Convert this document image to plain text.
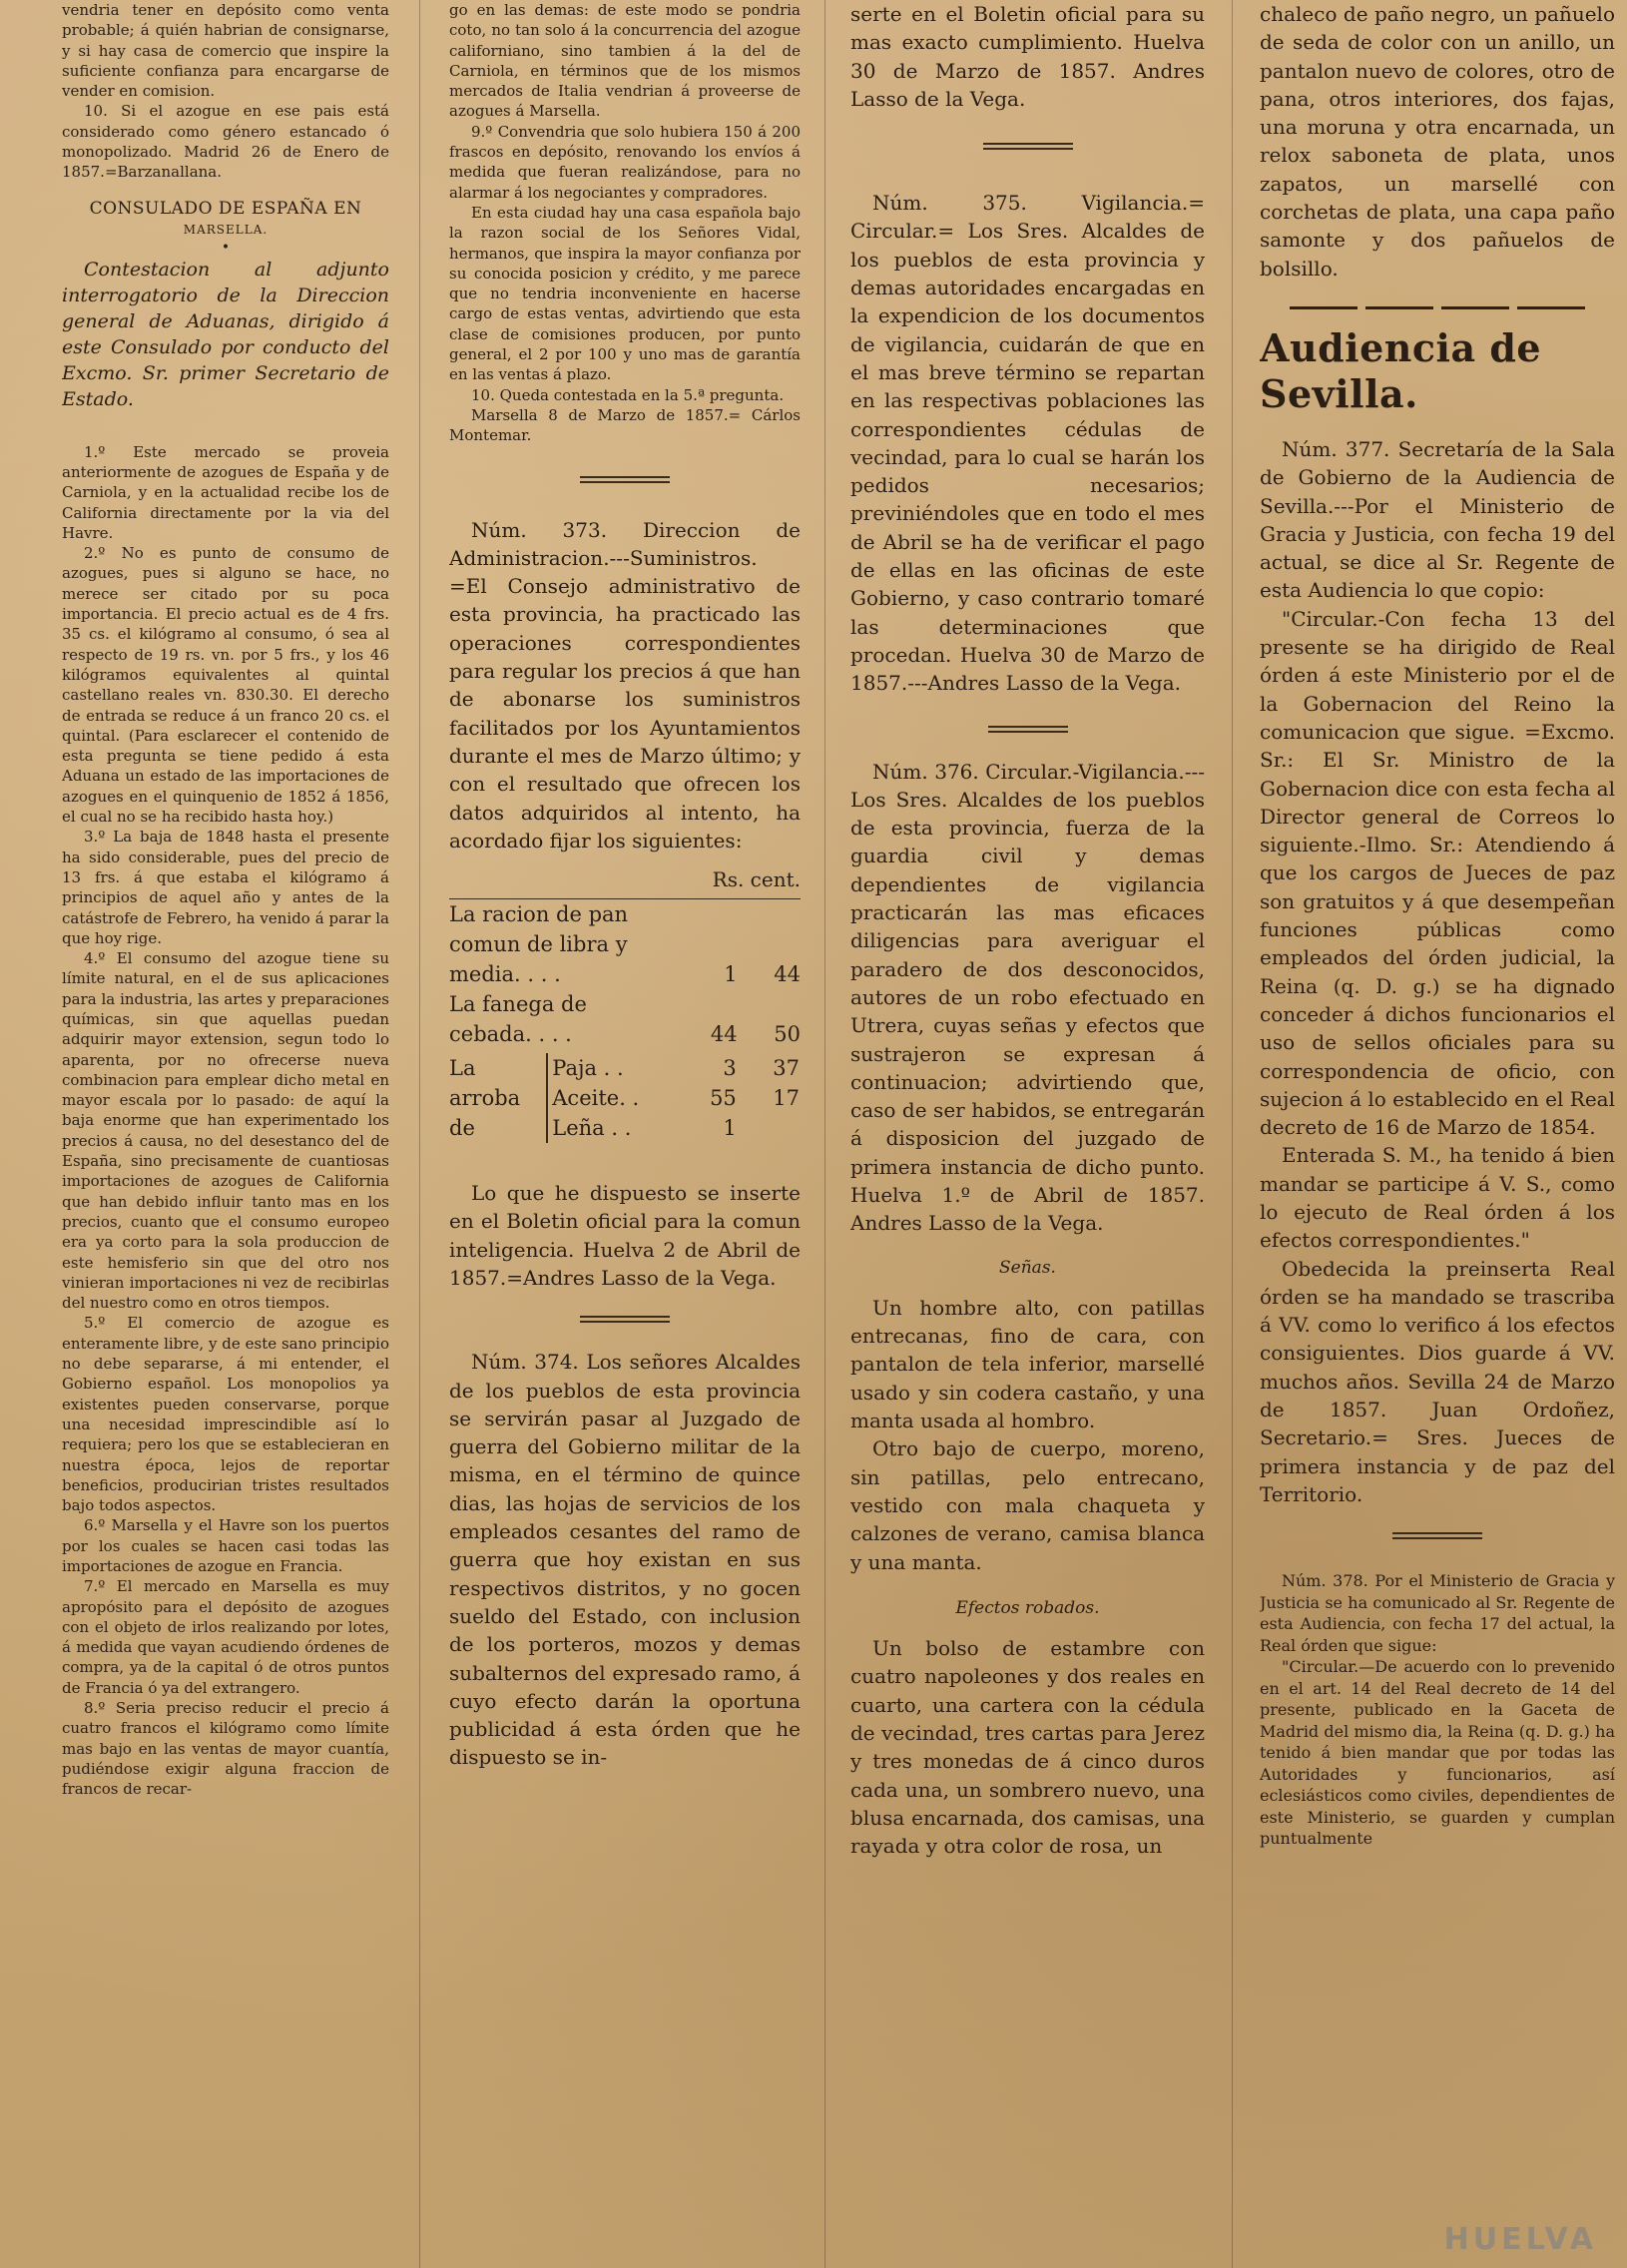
vendria tener en depósito como venta probable; á quién habrian de consignarse, y si hay casa de comercio que inspire la suficiente confianza para encargarse de vender en comision.

10. Si el azogue en ese pais está considerado como género estancado ó monopolizado. Madrid 26 de Enero de 1857.=Barzanallana.

CONSULADO DE ESPAÑA EN

MARSELLA.

•

Contestacion al adjunto interrogatorio de la Direccion general de Aduanas, dirigido á este Consulado por conducto del Excmo. Sr. primer Secretario de Estado.

1.º Este mercado se proveia anteriormente de azogues de España y de Carniola, y en la actualidad recibe los de California directamente por la via del Havre.

2.º No es punto de consumo de azogues, pues si alguno se hace, no merece ser citado por su poca importancia. El precio actual es de 4 frs. 35 cs. el kilógramo al consumo, ó sea al respecto de 19 rs. vn. por 5 frs., y los 46 kilógramos equivalentes al quintal castellano reales vn. 830.30. El derecho de entrada se reduce á un franco 20 cs. el quintal. (Para esclarecer el contenido de esta pregunta se tiene pedido á esta Aduana un estado de las importaciones de azogues en el quinquenio de 1852 á 1856, el cual no se ha recibido hasta hoy.)

3.º La baja de 1848 hasta el presente ha sido considerable, pues del precio de 13 frs. á que estaba el kilógramo á principios de aquel año y antes de la catástrofe de Febrero, ha venido á parar la que hoy rige.

4.º El consumo del azogue tiene su límite natural, en el de sus aplicaciones para la industria, las artes y preparaciones químicas, sin que aquellas puedan adquirir mayor extension, segun todo lo aparenta, por no ofrecerse nueva combinacion para emplear dicho metal en mayor escala por lo pasado: de aquí la baja enorme que han experimentado los precios á causa, no del desestanco del de España, sino precisamente de cuantiosas importaciones de azogues de California que han debido influir tanto mas en los precios, cuanto que el consumo europeo era ya corto para la sola produccion de este hemisferio sin que del otro nos vinieran importaciones ni vez de recibirlas del nuestro como en otros tiempos.

5.º El comercio de azogue es enteramente libre, y de este sano principio no debe separarse, á mi entender, el Gobierno español. Los monopolios ya existentes pueden conservarse, porque una necesidad imprescindible así lo requiera; pero los que se establecieran en nuestra época, lejos de reportar beneficios, producirian tristes resultados bajo todos aspectos.

6.º Marsella y el Havre son los puertos por los cuales se hacen casi todas las importaciones de azogue en Francia.

7.º El mercado en Marsella es muy apropósito para el depósito de azogues con el objeto de irlos realizando por lotes, á medida que vayan acudiendo órdenes de compra, ya de la capital ó de otros puntos de Francia ó ya del extrangero.

8.º Seria preciso reducir el precio á cuatro francos el kilógramo como límite mas bajo en las ventas de mayor cuantía, pudiéndose exigir alguna fraccion de francos de recar-

go en las demas: de este modo se pondria coto, no tan solo á la concurrencia del azogue californiano, sino tambien á la del de Carniola, en términos que de los mismos mercados de Italia vendrian á proveerse de azogues á Marsella.

9.º Convendria que solo hubiera 150 á 200 frascos en depósito, renovando los envíos á medida que fueran realizándose, para no alarmar á los negociantes y compradores.

En esta ciudad hay una casa española bajo la razon social de los Señores Vidal, hermanos, que inspira la mayor confianza por su conocida posicion y crédito, y me parece que no tendria inconveniente en hacerse cargo de estas ventas, advirtiendo que esta clase de comisiones producen, por punto general, el 2 por 100 y uno mas de garantía en las ventas á plazo.

10. Queda contestada en la 5.ª pregunta.

Marsella 8 de Marzo de 1857.= Cárlos Montemar.

Núm. 373. Direccion de Administracion.---Suministros. =El Consejo administrativo de esta provincia, ha practicado las operaciones correspondientes para regular los precios á que han de abonarse los suministros facilitados por los Ayuntamientos durante el mes de Marzo último; y con el resultado que ofrecen los datos adquiridos al intento, ha acordado fijar los siguientes:

Rs. cent.

La racion de pan comun de libra y media. . . .	1	44
La fanega de cebada. . . .	44	50
La arroba de	Paja . .	3	37
	Aceite. .	55	17
	Leña . .	1	

Lo que he dispuesto se inserte en el Boletin oficial para la comun inteligencia. Huelva 2 de Abril de 1857.=Andres Lasso de la Vega.

Núm. 374. Los señores Alcaldes de los pueblos de esta provincia se servirán pasar al Juzgado de guerra del Gobierno militar de la misma, en el término de quince dias, las hojas de servicios de los empleados cesantes del ramo de guerra que hoy existan en sus respectivos distritos, y no gocen sueldo del Estado, con inclusion de los porteros, mozos y demas subalternos del expresado ramo, á cuyo efecto darán la oportuna publicidad á esta órden que he dispuesto se in-

serte en el Boletin oficial para su mas exacto cumplimiento. Huelva 30 de Marzo de 1857. Andres Lasso de la Vega.

Núm. 375. Vigilancia.= Circular.= Los Sres. Alcaldes de los pueblos de esta provincia y demas autoridades encargadas en la expendicion de los documentos de vigilancia, cuidarán de que en el mas breve término se repartan en las respectivas poblaciones las correspondientes cédulas de vecindad, para lo cual se harán los pedidos necesarios; previniéndoles que en todo el mes de Abril se ha de verificar el pago de ellas en las oficinas de este Gobierno, y caso contrario tomaré las determinaciones que procedan. Huelva 30 de Marzo de 1857.---Andres Lasso de la Vega.

Núm. 376. Circular.-Vigilancia.---Los Sres. Alcaldes de los pueblos de esta provincia, fuerza de la guardia civil y demas dependientes de vigilancia practicarán las mas eficaces diligencias para averiguar el paradero de dos desconocidos, autores de un robo efectuado en Utrera, cuyas señas y efectos que sustrajeron se expresan á continuacion; advirtiendo que, caso de ser habidos, se entregarán á disposicion del juzgado de primera instancia de dicho punto. Huelva 1.º de Abril de 1857. Andres Lasso de la Vega.

Señas.

Un hombre alto, con patillas entrecanas, fino de cara, con pantalon de tela inferior, marsellé usado y sin codera castaño, y una manta usada al hombro.

Otro bajo de cuerpo, moreno, sin patillas, pelo entrecano, vestido con mala chaqueta y calzones de verano, camisa blanca y una manta.

Efectos robados.

Un bolso de estambre con cuatro napoleones y dos reales en cuarto, una cartera con la cédula de vecindad, tres cartas para Jerez y tres monedas de á cinco duros cada una, un sombrero nuevo, una blusa encarnada, dos camisas, una rayada y otra color de rosa, un

chaleco de paño negro, un pañuelo de seda de color con un anillo, un pantalon nuevo de colores, otro de pana, otros interiores, dos fajas, una moruna y otra encarnada, un relox saboneta de plata, unos zapatos, un marsellé con corchetas de plata, una capa paño samonte y dos pañuelos de bolsillo.

Audiencia de Sevilla.

Núm. 377. Secretaría de la Sala de Gobierno de la Audiencia de Sevilla.---Por el Ministerio de Gracia y Justicia, con fecha 19 del actual, se dice al Sr. Regente de esta Audiencia lo que copio:

"Circular.-Con fecha 13 del presente se ha dirigido de Real órden á este Ministerio por el de la Gobernacion del Reino la comunicacion que sigue. =Excmo. Sr.: El Sr. Ministro de la Gobernacion dice con esta fecha al Director general de Correos lo siguiente.-Ilmo. Sr.: Atendiendo á que los cargos de Jueces de paz son gratuitos y á que desempeñan funciones públicas como empleados del órden judicial, la Reina (q. D. g.) se ha dignado conceder á dichos funcionarios el uso de sellos oficiales para su correspondencia de oficio, con sujecion á lo establecido en el Real decreto de 16 de Marzo de 1854.

Enterada S. M., ha tenido á bien mandar se participe á V. S., como lo ejecuto de Real órden á los efectos correspondientes."

Obedecida la preinserta Real órden se ha mandado se trascriba á VV. como lo verifico á los efectos consiguientes. Dios guarde á VV. muchos años. Sevilla 24 de Marzo de 1857. Juan Ordoñez, Secretario.= Sres. Jueces de primera instancia y de paz del Territorio.

Núm. 378. Por el Ministerio de Gracia y Justicia se ha comunicado al Sr. Regente de esta Audiencia, con fecha 17 del actual, la Real órden que sigue:

"Circular.—De acuerdo con lo prevenido en el art. 14 del Real decreto de 14 del presente, publicado en la Gaceta de Madrid del mismo dia, la Reina (q. D. g.) ha tenido á bien mandar que por todas las Autoridades y funcionarios, así eclesiásticos como civiles, dependientes de este Ministerio, se guarden y cumplan puntualmente

HUELVA
